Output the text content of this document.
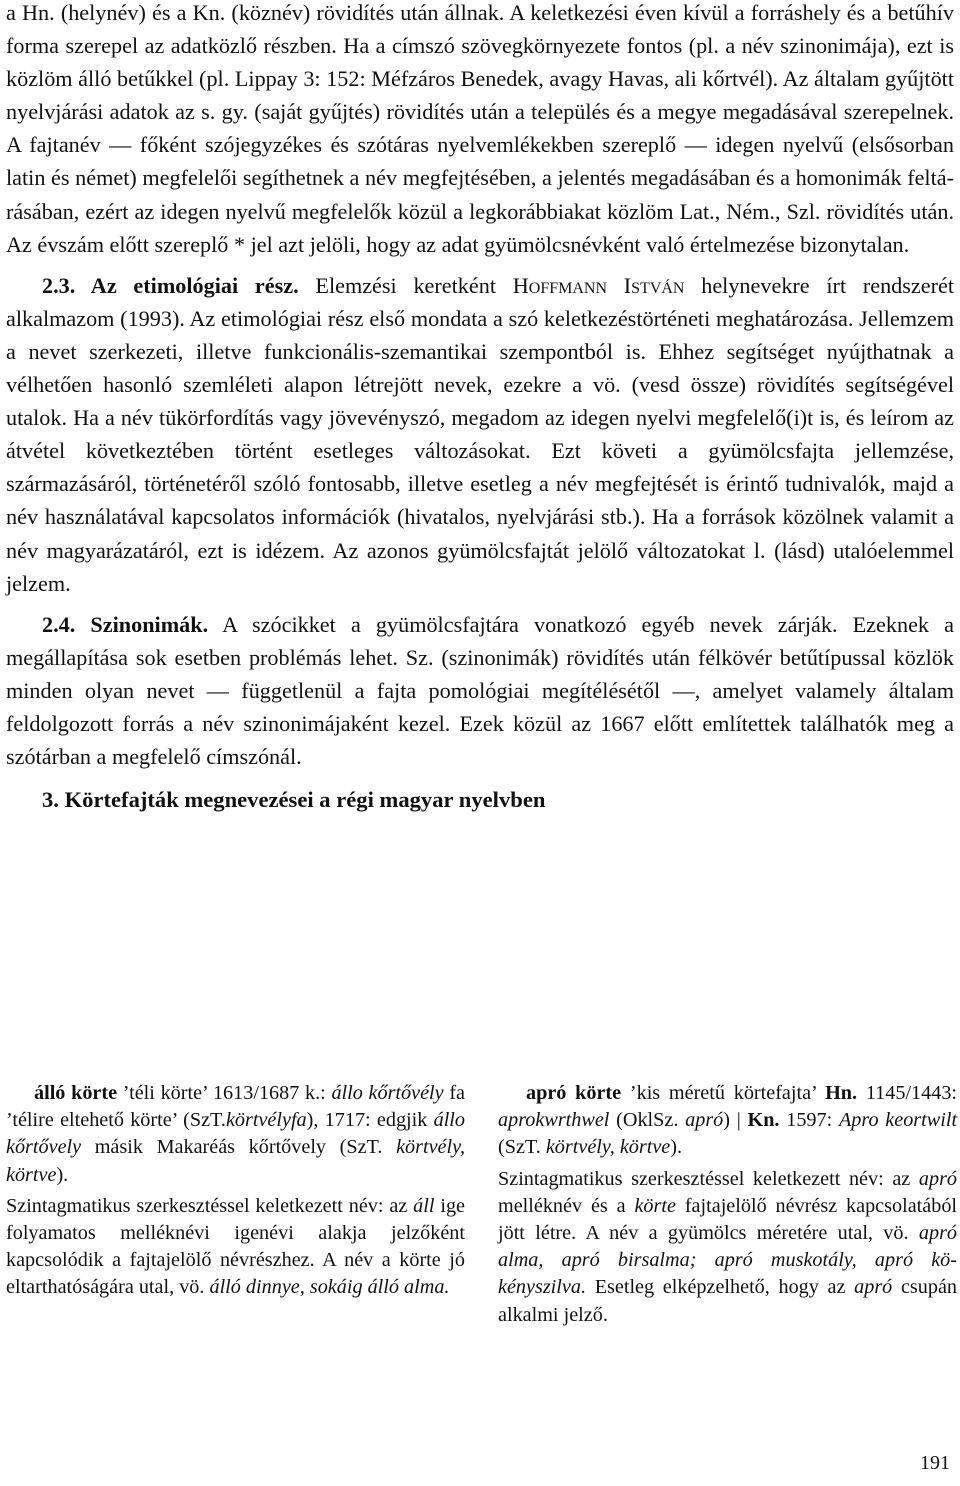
a Hn. (helynév) és a Kn. (köznév) rövidítés után állnak. A keletkezési éven kívül a forráshely és a betűhív forma szerepel az adatközlő részben. Ha a címszó szövegkörnyezete fontos (pl. a név szinonimája), ezt is közlöm álló betűkkel (pl. Lippay 3: 152: Méfzáros Benedek, avagy Havas, ali kőrtvél). Az általam gyűjtött nyelvjárási adatok az s. gy. (saját gyűjtés) rövidítés után a település és a megye megadásával szerepelnek. A fajtanév — főként szójegyzékes és szótáras nyelvemlékekben szereplő — idegen nyelvű (elsősorban latin és német) megfelelői segíthetnek a név megfejtésében, a jelentés megadásában és a homonimák feltárásában, ezért az idegen nyelvű megfelelők közül a legkorábbiakat közlöm Lat., Ném., Szl. rövidítés után. Az évszám előtt szereplő * jel azt jelöli, hogy az adat gyümölcsnévként való értelmezése bizonytalan.

2.3. Az etimológiai rész. Elemzési keretként Hoffmann István helynevekre írt rendszerét alkalmazom (1993). Az etimológiai rész első mondata a szó keletkezéstörténeti meghatározása. Jellemzem a nevet szerkezeti, illetve funkcionális-szemantikai szempontból is. Ehhez segítséget nyújthatnak a vélhetően hasonló szemléleti alapon létrejött nevek, ezekre a vö. (vesd össze) rövidítés segítségével utalok. Ha a név tükörfordítás vagy jövevényszó, megadom az idegen nyelvi megfelelő(i)t is, és leírom az átvétel következtében történt esetleges változásokat. Ezt követi a gyümölcsfajta jellemzése, származásáról, történetéről szóló fontosabb, illetve esetleg a név megfejtését is érintő tudnivalók, majd a név használatával kapcsolatos információk (hivatalos, nyelvjárási stb.). Ha a források közölnek valamit a név magyarázatáról, ezt is idézem. Az azonos gyümölcsfajtát jelölő változatokat l. (lásd) utalóelemmel jelzem.

2.4. Szinonimák. A szócikket a gyümölcsfajtára vonatkozó egyéb nevek zárják. Ezeknek a megállapítása sok esetben problémás lehet. Sz. (szinonimák) rövidítés után félkövér betűtípussal közlök minden olyan nevet — függetlenül a fajta pomológiai megítélésétől —, amelyet valamely általam feldolgozott forrás a név szinonimájaként kezel. Ezek közül az 1667 előtt említettek találhatók meg a szótárban a megfelelő címszónál.

3. Körtefajták megnevezései a régi magyar nyelvben

álló körte ’téli körte’ 1613/1687 k.: állo kőrtővély fa ’télire eltehető körte’ (SzT.körtvélyfa), 1717: edgjik állo kőrtővely másik Makaréás kőrtővely (SzT. körtvély, körtve).

Szintagmatikus szerkesztéssel keletkezett név: az áll ige folyamatos melléknévi igenévi alakja jelzőként kapcsolódik a fajtajelölő névrészhez. A név a körte jó eltarthatóságára utal, vö. álló dinnye, sokáig álló alma.

apró körte ’kis méretű körtefajta’ Hn. 1145/1443: aprokwrthwel (OklSz. apró) | Kn. 1597: Apro keortwilt (SzT. körtvély, körtve).

Szintagmatikus szerkesztéssel keletkezett név: az apró melléknév és a körte fajtajelölő névrész kapcsolatából jött létre. A név a gyümölcs méretére utal, vö. apró alma, apró birsalma; apró muskotály, apró kökényszilva. Esetleg elképzelhető, hogy az apró csupán alkalmi jelző.

191
